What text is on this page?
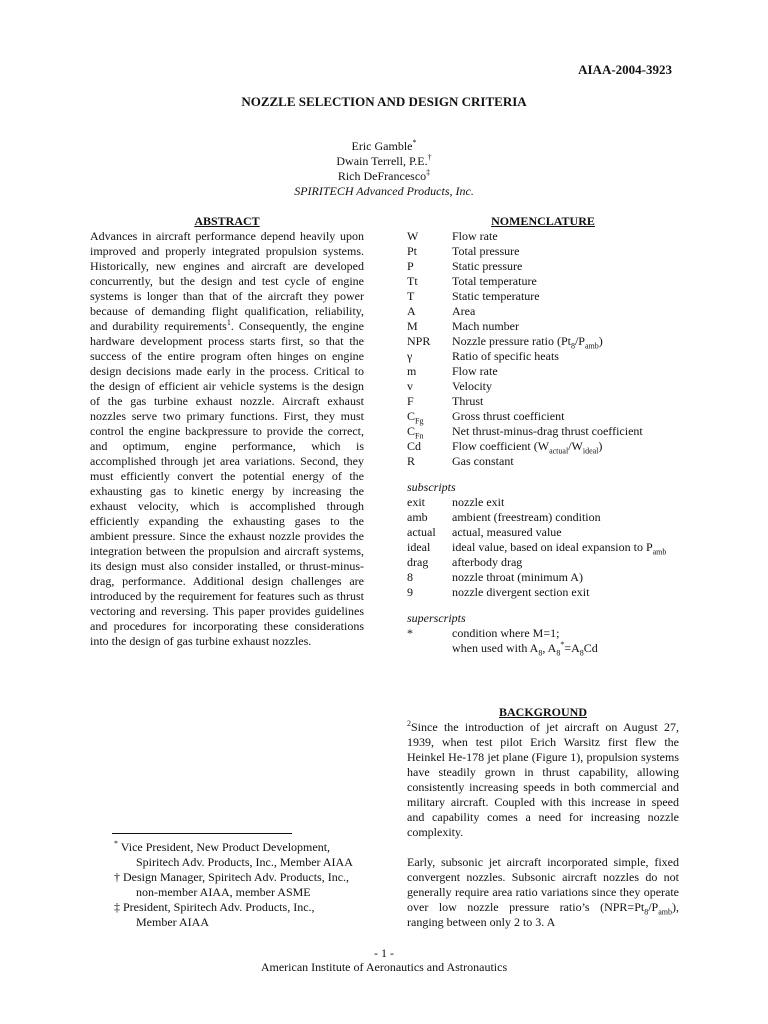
AIAA-2004-3923
NOZZLE SELECTION AND DESIGN CRITERIA
Eric Gamble*
Dwain Terrell, P.E.†
Rich DeFrancesco‡
SPIRITECH Advanced Products, Inc.
ABSTRACT

Advances in aircraft performance depend heavily upon improved and properly integrated propulsion systems. Historically, new engines and aircraft are developed concurrently, but the design and test cycle of engine systems is longer than that of the aircraft they power because of demanding flight qualification, reliability, and durability requirements$^1$. Consequently, the engine hardware development process starts first, so that the success of the entire program often hinges on engine design decisions made early in the process. Critical to the design of efficient air vehicle systems is the design of the gas turbine exhaust nozzle. Aircraft exhaust nozzles serve two primary functions. First, they must control the engine backpressure to provide the correct, and optimum, engine performance, which is accomplished through jet area variations. Second, they must efficiently convert the potential energy of the exhausting gas to kinetic energy by increasing the exhaust velocity, which is accomplished through efficiently expanding the exhausting gases to the ambient pressure. Since the exhaust nozzle provides the integration between the propulsion and aircraft systems, its design must also consider installed, or thrust-minus-drag, performance. Additional design challenges are introduced by the requirement for features such as thrust vectoring and reversing. This paper provides guidelines and procedures for incorporating these considerations into the design of gas turbine exhaust nozzles.

NOMENCLATURE
W	Flow rate
Pt	Total pressure
P	Static pressure
Tt	Total temperature
T	Static temperature
A	Area
M	Mach number
NPR	Nozzle pressure ratio $(Pt_8/P_{amb})$
γ	Ratio of specific heats
m	Flow rate
v	Velocity
F	Thrust
$C_{Fg}$	Gross thrust coefficient
$C_{Fn}$	Net thrust-minus-drag thrust coefficient
Cd	Flow coefficient $(W_{actual}/W_{ideal})$
R	Gas constant
subscripts
exit	nozzle exit
amb	ambient (freestream) condition
actual	actual, measured value
ideal	ideal value, based on ideal expansion to $P_{amb}$
drag	afterbody drag
8	nozzle throat (minimum A)
9	nozzle divergent section exit
superscripts
*	condition where M=1;
	when used with $A_8$, $A_8^*=A_8Cd$
BACKGROUND

$^2$Since the introduction of jet aircraft on August 27, 1939, when test pilot Erich Warsitz first flew the Heinkel He-178 jet plane (Figure 1), propulsion systems have steadily grown in thrust capability, allowing consistently increasing speeds in both commercial and military aircraft. Coupled with this increase in speed and capability comes a need for increasing nozzle complexity.

Early, subsonic jet aircraft incorporated simple, fixed convergent nozzles. Subsonic aircraft nozzles do not generally require area ratio variations since they operate over low nozzle pressure ratio’s $(NPR=Pt_8/P_{amb})$, ranging between only 2 to 3. A

* Vice President, New Product Development,
Spiritech Adv. Products, Inc., Member AIAA

† Design Manager, Spiritech Adv. Products, Inc.,
non-member AIAA, member ASME

‡ President, Spiritech Adv. Products, Inc.,
Member AIAA

- 1 -
American Institute of Aeronautics and Astronautics
